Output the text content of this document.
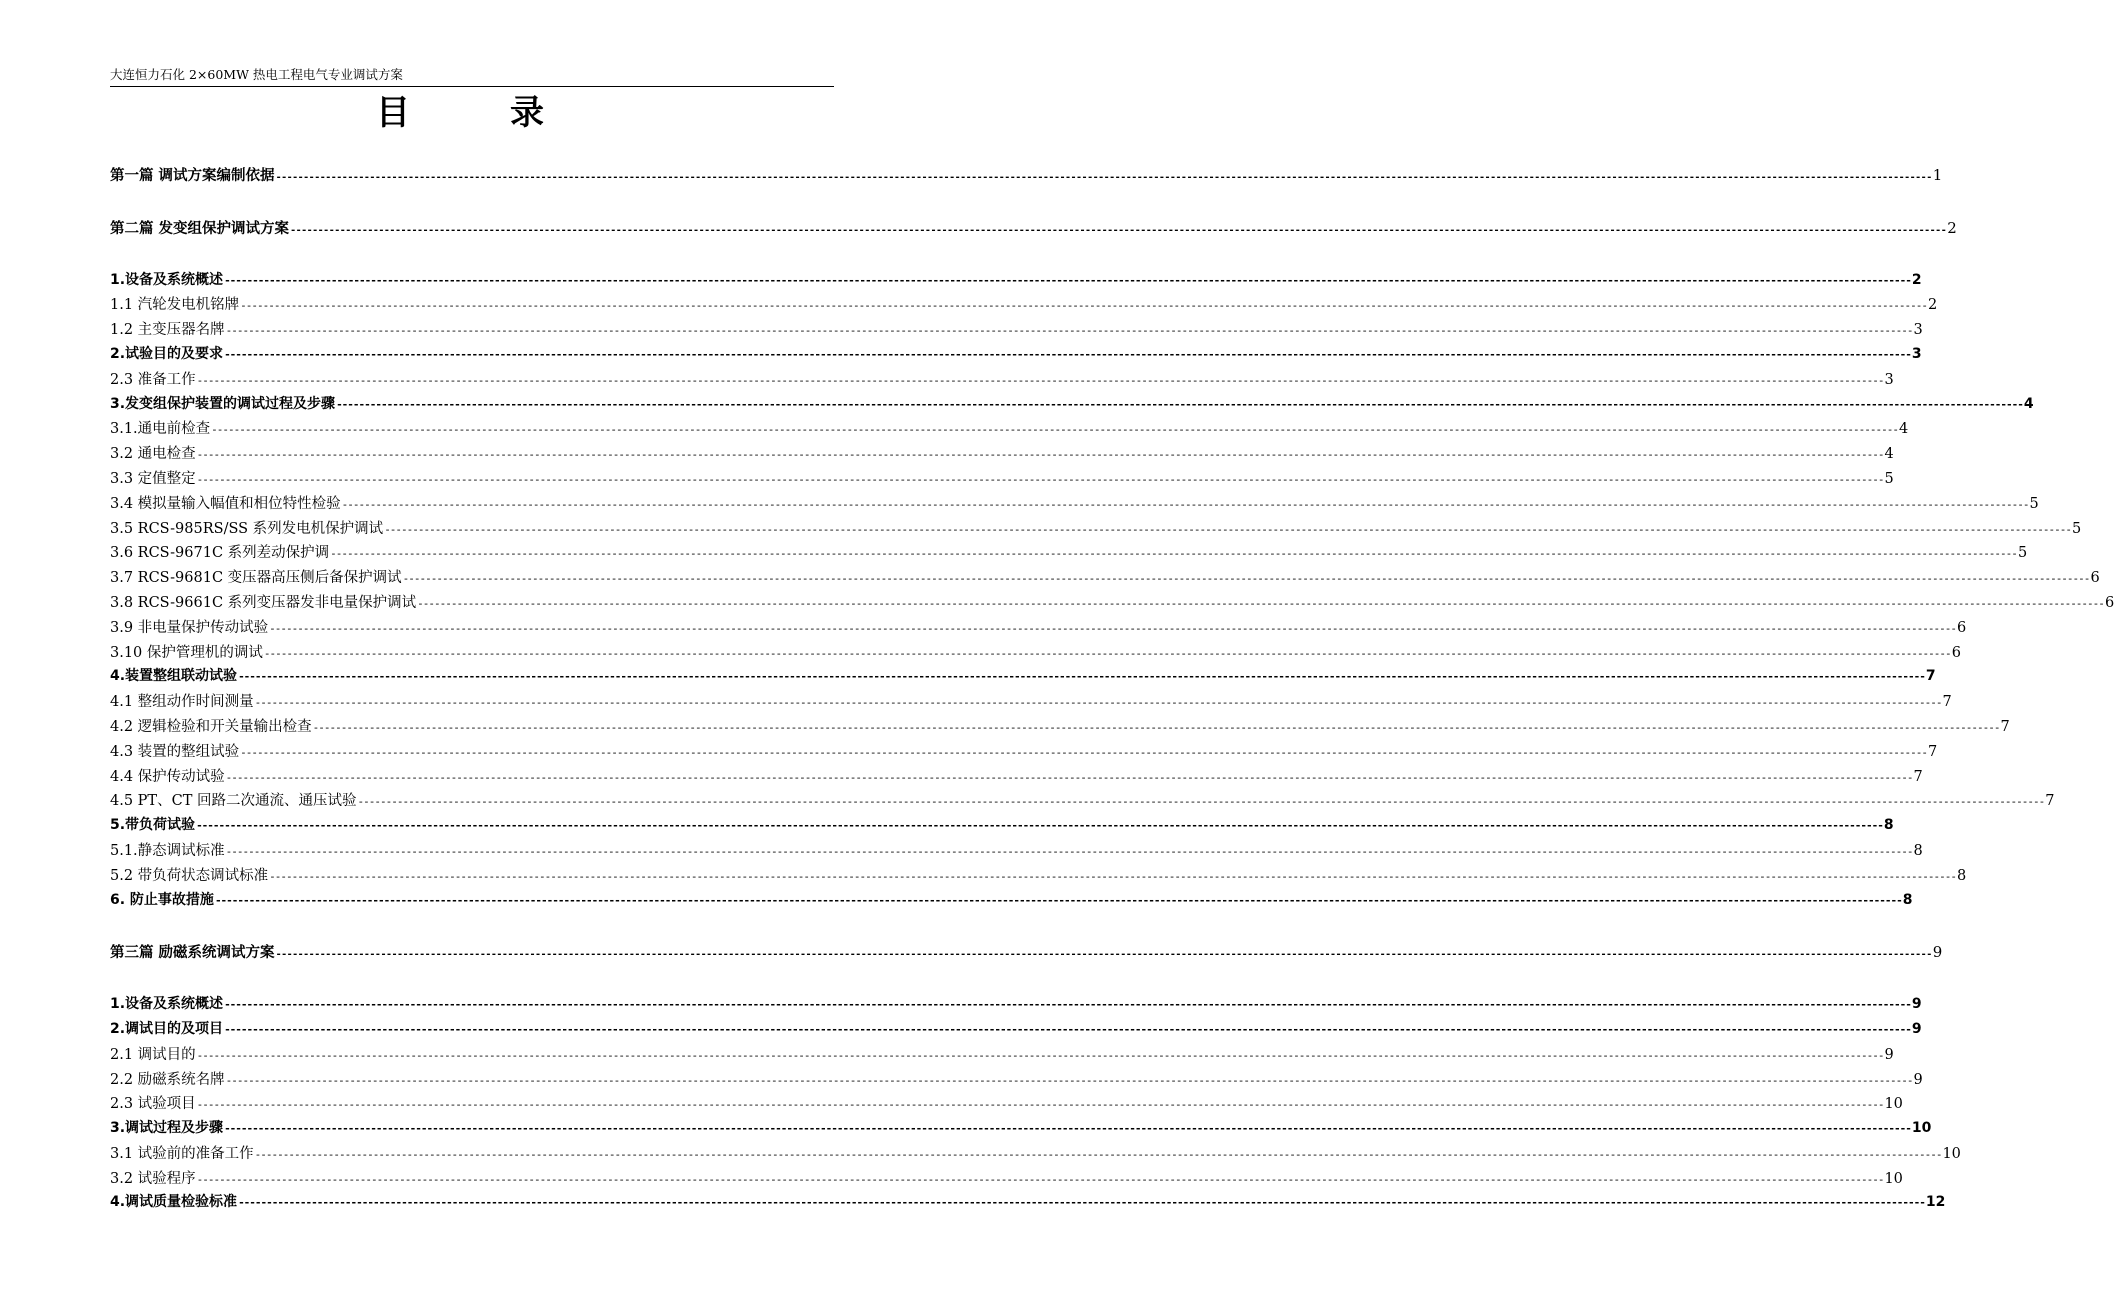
大连恒力石化 2×60MW 热电工程电气专业调试方案
目录
第一篇 调试方案编制依据 ------------------------------------------------------------------------------------------------------------------------------------------------------------------------------------------------------------------------------------------------------------------------------------------------------------ 1
第二篇 发变组保护调试方案 ------------------------------------------------------------------------------------------------------------------------------------------------------------------------------------------------------------------------------------------------------------------------------------------------------------ 2
1.设备及系统概述 ------------------------------------------------------------------------------------------------------------------------------------------------------------------------------------------------------------------------------------------------------------------------------------------------------------ 2
1.1 汽轮发电机铭牌 ------------------------------------------------------------------------------------------------------------------------------------------------------------------------------------------------------------------------------------------------------------------------------------------------------------ 2
1.2 主变压器名牌 ------------------------------------------------------------------------------------------------------------------------------------------------------------------------------------------------------------------------------------------------------------------------------------------------------------ 3
2.试验目的及要求 ------------------------------------------------------------------------------------------------------------------------------------------------------------------------------------------------------------------------------------------------------------------------------------------------------------ 3
2.3 准备工作 ------------------------------------------------------------------------------------------------------------------------------------------------------------------------------------------------------------------------------------------------------------------------------------------------------------ 3
3.发变组保护装置的调试过程及步骤 ------------------------------------------------------------------------------------------------------------------------------------------------------------------------------------------------------------------------------------------------------------------------------------------------------------ 4
3.1.通电前检查 ------------------------------------------------------------------------------------------------------------------------------------------------------------------------------------------------------------------------------------------------------------------------------------------------------------ 4
3.2 通电检查 ------------------------------------------------------------------------------------------------------------------------------------------------------------------------------------------------------------------------------------------------------------------------------------------------------------ 4
3.3 定值整定 ------------------------------------------------------------------------------------------------------------------------------------------------------------------------------------------------------------------------------------------------------------------------------------------------------------ 5
3.4 模拟量输入幅值和相位特性检验 ------------------------------------------------------------------------------------------------------------------------------------------------------------------------------------------------------------------------------------------------------------------------------------------------------------ 5
3.5 RCS-985RS/SS 系列发电机保护调试 ------------------------------------------------------------------------------------------------------------------------------------------------------------------------------------------------------------------------------------------------------------------------------------------------------------ 5
3.6 RCS-9671C 系列差动保护调 ------------------------------------------------------------------------------------------------------------------------------------------------------------------------------------------------------------------------------------------------------------------------------------------------------------ 5
3.7 RCS-9681C 变压器高压侧后备保护调试 ------------------------------------------------------------------------------------------------------------------------------------------------------------------------------------------------------------------------------------------------------------------------------------------------------------ 6
3.8 RCS-9661C 系列变压器发非电量保护调试 ------------------------------------------------------------------------------------------------------------------------------------------------------------------------------------------------------------------------------------------------------------------------------------------------------------ 6
3.9 非电量保护传动试验 ------------------------------------------------------------------------------------------------------------------------------------------------------------------------------------------------------------------------------------------------------------------------------------------------------------ 6
3.10 保护管理机的调试 ------------------------------------------------------------------------------------------------------------------------------------------------------------------------------------------------------------------------------------------------------------------------------------------------------------ 6
4.装置整组联动试验 ------------------------------------------------------------------------------------------------------------------------------------------------------------------------------------------------------------------------------------------------------------------------------------------------------------ 7
4.1 整组动作时间测量 ------------------------------------------------------------------------------------------------------------------------------------------------------------------------------------------------------------------------------------------------------------------------------------------------------------ 7
4.2 逻辑检验和开关量输出检查 ------------------------------------------------------------------------------------------------------------------------------------------------------------------------------------------------------------------------------------------------------------------------------------------------------------ 7
4.3 装置的整组试验 ------------------------------------------------------------------------------------------------------------------------------------------------------------------------------------------------------------------------------------------------------------------------------------------------------------ 7
4.4 保护传动试验 ------------------------------------------------------------------------------------------------------------------------------------------------------------------------------------------------------------------------------------------------------------------------------------------------------------ 7
4.5 PT、CT 回路二次通流、通压试验 ------------------------------------------------------------------------------------------------------------------------------------------------------------------------------------------------------------------------------------------------------------------------------------------------------------ 7
5.带负荷试验 ------------------------------------------------------------------------------------------------------------------------------------------------------------------------------------------------------------------------------------------------------------------------------------------------------------ 8
5.1.静态调试标准 ------------------------------------------------------------------------------------------------------------------------------------------------------------------------------------------------------------------------------------------------------------------------------------------------------------ 8
5.2 带负荷状态调试标准 ------------------------------------------------------------------------------------------------------------------------------------------------------------------------------------------------------------------------------------------------------------------------------------------------------------ 8
6. 防止事故措施 ------------------------------------------------------------------------------------------------------------------------------------------------------------------------------------------------------------------------------------------------------------------------------------------------------------ 8
第三篇 励磁系统调试方案 ------------------------------------------------------------------------------------------------------------------------------------------------------------------------------------------------------------------------------------------------------------------------------------------------------------ 9
1.设备及系统概述 ------------------------------------------------------------------------------------------------------------------------------------------------------------------------------------------------------------------------------------------------------------------------------------------------------------ 9
2.调试目的及项目 ------------------------------------------------------------------------------------------------------------------------------------------------------------------------------------------------------------------------------------------------------------------------------------------------------------ 9
2.1 调试目的 ------------------------------------------------------------------------------------------------------------------------------------------------------------------------------------------------------------------------------------------------------------------------------------------------------------ 9
2.2 励磁系统名牌 ------------------------------------------------------------------------------------------------------------------------------------------------------------------------------------------------------------------------------------------------------------------------------------------------------------ 9
2.3 试验项目 ------------------------------------------------------------------------------------------------------------------------------------------------------------------------------------------------------------------------------------------------------------------------------------------------------------ 10
3.调试过程及步骤 ------------------------------------------------------------------------------------------------------------------------------------------------------------------------------------------------------------------------------------------------------------------------------------------------------------ 10
3.1 试验前的准备工作 ------------------------------------------------------------------------------------------------------------------------------------------------------------------------------------------------------------------------------------------------------------------------------------------------------------ 10
3.2 试验程序 ------------------------------------------------------------------------------------------------------------------------------------------------------------------------------------------------------------------------------------------------------------------------------------------------------------ 10
4.调试质量检验标准 ------------------------------------------------------------------------------------------------------------------------------------------------------------------------------------------------------------------------------------------------------------------------------------------------------------ 12
